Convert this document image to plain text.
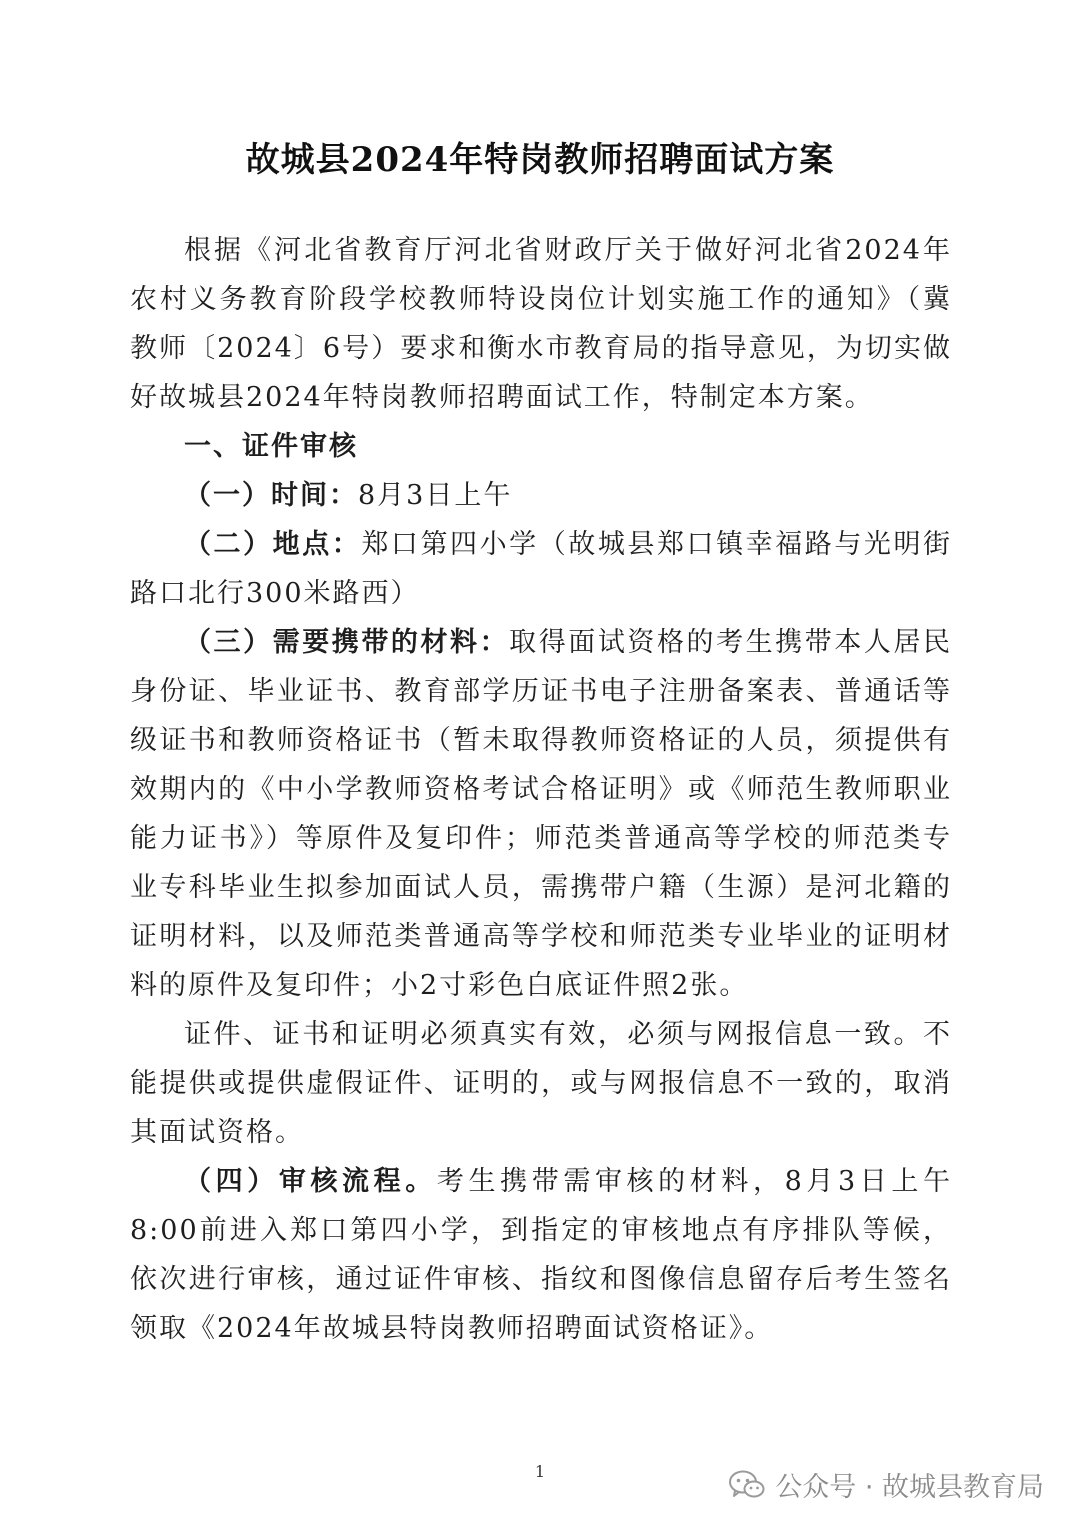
故城县2024年特岗教师招聘面试方案

根据《河北省教育厅河北省财政厅关于做好河北省2024年农村义务教育阶段学校教师特设岗位计划实施工作的通知》（冀教师〔2024〕6号）要求和衡水市教育局的指导意见，为切实做好故城县2024年特岗教师招聘面试工作，特制定本方案。

一、证件审核

（一）时间：8月3日上午

（二）地点：郑口第四小学（故城县郑口镇幸福路与光明街路口北行300米路西）

（三）需要携带的材料：取得面试资格的考生携带本人居民身份证、毕业证书、教育部学历证书电子注册备案表、普通话等级证书和教师资格证书（暂未取得教师资格证的人员，须提供有效期内的《中小学教师资格考试合格证明》或《师范生教师职业能力证书》）等原件及复印件；师范类普通高等学校的师范类专业专科毕业生拟参加面试人员，需携带户籍（生源）是河北籍的证明材料，以及师范类普通高等学校和师范类专业毕业的证明材料的原件及复印件；小2寸彩色白底证件照2张。

证件、证书和证明必须真实有效，必须与网报信息一致。不能提供或提供虚假证件、证明的，或与网报信息不一致的，取消其面试资格。

（四）审核流程。考生携带需审核的材料，8月3日上午8:00前进入郑口第四小学，到指定的审核地点有序排队等候，依次进行审核，通过证件审核、指纹和图像信息留存后考生签名领取《2024年故城县特岗教师招聘面试资格证》。

1
公众号 · 故城县教育局
